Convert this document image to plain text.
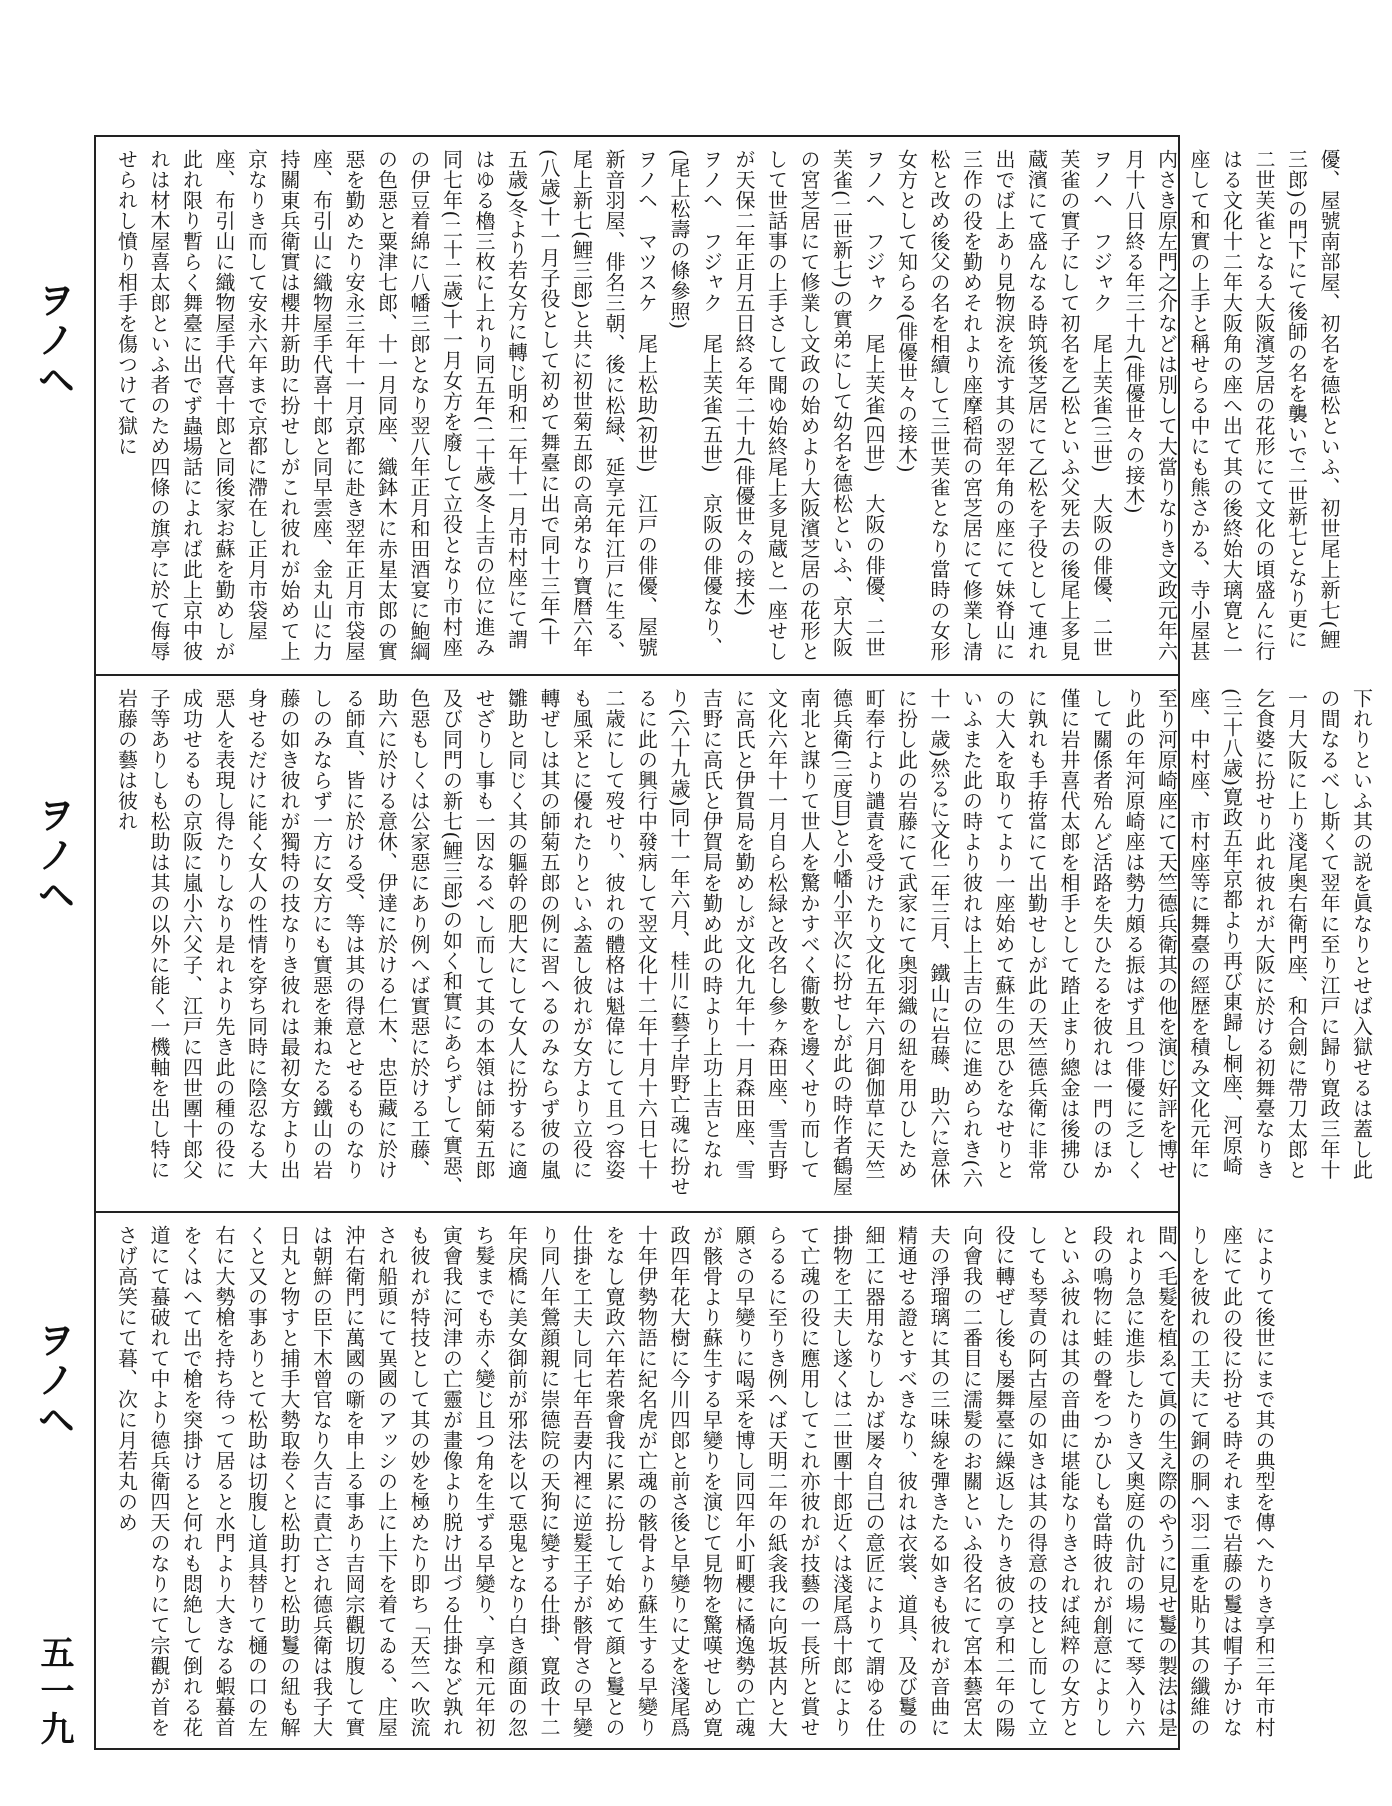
優、屋號南部屋、初名を德松といふ、初世尾上新七(鯉三郎)の門下にて後師の名を襲いで二世新七となり更に二世芙雀となる大阪濱芝居の花形にて文化の頃盛んに行はる文化十二年大阪角の座へ出て其の後終始大璃寛と一座して和實の上手と稱せらる中にも熊さかる、寺小屋甚内さき原左門之介などは別して大當りなりき文政元年六月十八日終る年三十九(俳優世々の接木)
ヲノヘ　フジャク　尾上芙雀(三世)　大阪の俳優、二世芙雀の實子にして初名を乙松といふ父死去の後尾上多見蔵濱にて盛んなる時筑後芝居にて乙松を子役として連れ出でば上あり見物淚を流す其の翌年角の座にて妹脊山に三作の役を勤めそれより座摩稻荷の宮芝居にて修業し清松と改め後父の名を相續して三世芙雀となり當時の女形女方として知らる(俳優世々の接木)
ヲノヘ　フジャク　尾上芙雀(四世)　大阪の俳優、二世芙雀(二世新七)の實弟にして幼名を德松といふ、京大阪の宮芝居にて修業し文政の始めより大阪濱芝居の花形として世話事の上手さして聞ゆ始終尾上多見蔵と一座せしが天保二年正月五日終る年二十九(俳優世々の接木)
ヲノヘ　フジャク　尾上芙雀(五世)　京阪の俳優なり、(尾上松壽の條參照)
ヲノヘ　マツスケ　尾上松助(初世)　江戸の俳優、屋號新音羽屋、俳名三朝、後に松緑、延享元年江戸に生る、尾上新七(鯉三郎)と共に初世菊五郎の高弟なり寶暦六年(八歳)十一月子役として初めて舞臺に出で同十三年(十五歳)冬より若女方に轉じ明和二年十一月市村座にて謂はゆる櫓三枚に上れり同五年(二十歳)冬上吉の位に進み同七年(二十二歳)十一月女方を廢して立役となり市村座の伊豆着綿に八幡三郎となり翌八年正月和田酒宴に鮑綱の色惡と粟津七郎、十一月同座、織鉢木に赤星太郎の實惡を勤めたり安永三年十一月京都に赴き翌年正月市袋屋座、布引山に織物屋手代喜十郎と同早雲座、金丸山に力持關東兵衛實は櫻井新助に扮せしがこれ彼れが始めて上京なりき而して安永六年まで京都に滯在し正月市袋屋座、布引山に織物屋手代喜十郎と同後家お蘇を勤めしが此れ限り暫らく舞臺に出でず蟲場話によれば此上京中彼れは材木屋喜太郎といふ者のため四條の旗亭に於て侮辱せられし憤り相手を傷つけて獄に
下れりといふ其の説を眞なりとせば入獄せるは蓋し此の間なるべし斯くて翌年に至り江戸に歸り寛政三年十一月大阪に上り淺尾奥右衛門座、和合劍に帶刀太郎と乞食婆に扮せり此れ彼れが大阪に於ける初舞臺なりき(三十八歳)寛政五年京都より再び東歸し桐座、河原崎座、中村座、市村座等に舞臺の經歴を積み文化元年に至り河原崎座にて天竺德兵衛其の他を演じ好評を博せり此の年河原崎座は勢力頗る振はず且つ俳優に乏しくして關係者殆んど活路を失ひたるを彼れは一門のほか僅に岩井喜代太郎を相手として踏止まり總金は後拂ひに孰れも手拵當にて出勤せしが此の天竺德兵衛に非常の大入を取りてより一座始めて蘇生の思ひをなせりといふまた此の時より彼れは上上吉の位に進められき(六十一歳)然るに文化二年三月、鐵山に岩藤、助六に意休に扮し此の岩藤にて武家にて奥羽織の紐を用ひしため町奉行より譴責を受けたり文化五年六月御伽草に天竺德兵衛(三度目)と小幡小平次に扮せしが此の時作者鶴屋南北と謀りて世人を驚かすべく衞數を邊くせり而して文化六年十一月自ら松緑と改名し參ヶ森田座、雪吉野に高氏と伊賀局を勤めしが文化九年十一月森田座、雪吉野に高氏と伊賀局を勤め此の時より上功上吉となれり(六十九歳)同十一年六月、桂川に藝子岸野亡魂に扮せるに此の興行中發病して翌文化十二年十月十六日七十二歳にして歿せり、彼れの體格は魁偉にして且つ容姿も風采とに優れたりといふ蓋し彼れが女方より立役に轉ぜしは其の師菊五郎の例に習へるのみならず彼の嵐雛助と同じく其の軀幹の肥大にして女人に扮するに適せざりし事も一因なるべし而して其の本領は師菊五郎及び同門の新七(鯉三郎)の如く和實にあらずして實惡、色惡もしくは公家惡にあり例へば實惡に於ける工藤、助六に於ける意休、伊達に於ける仁木、忠臣藏に於ける師直、皆に於ける受、等は其の得意とせるものなりしのみならず一方に女方にも實惡を兼ねたる鐵山の岩藤の如き彼れが獨特の技なりき彼れは最初女方より出身せるだけに能く女人の性情を穿ち同時に陰忍なる大惡人を表現し得たりしなり是れより先き此の種の役に成功せるもの京阪に嵐小六父子、江戸に四世團十郎父子等ありしも松助は其の以外に能く一機軸を出し特に岩藤の藝は彼れ
によりて後世にまで其の典型を傳へたりき享和三年市村座にて此の役に扮せる時それまで岩藤の鬘は帽子かけなりしを彼れの工夫にて銅の胴へ羽二重を貼り其の纖維の間へ毛髮を植ゑて眞の生え際のやうに見せ鬘の製法は是れより急に進歩したりき又奧庭の仇討の場にて琴入り六段の鳴物に蛙の聲をつかひしも當時彼れが創意によりしといふ彼れは其の音曲に堪能なりきされば純粹の女方としても琴責の阿古屋の如きは其の得意の技とし而して立役に轉ぜし後も屡舞臺に繰返したりき彼の享和二年の陽向會我の二番目に濡髮のお關といふ役名にて宮本藝宮太夫の淨瑠璃に其の三味線を彈きたる如きも彼れが音曲に精通せる證とすべきなり、彼れは衣裳、道具、及び鬘の細工に器用なりしかば屡々自己の意匠によりて謂ゆる仕掛物を工夫し遂くは二世團十郎近くは淺尾爲十郎によりて亡魂の役に應用してこれ亦彼れが技藝の一長所と賞せらるるに至りき例へば天明二年の紙衾我に向坂甚内と大願さの早變りに喝采を博し同四年小町櫻に橘逸勢の亡魂が骸骨より蘇生する早變りを演じて見物を驚嘆せしめ寛政四年花大樹に今川四郎と前さ後と早變りに丈を淺尾爲十年伊勢物語に紀名虎が亡魂の骸骨より蘇生する早變りをなし寛政六年若衆會我に累に扮して始めて顔と鬘との仕掛を工夫し同七年吾妻内裡に逆髮王子が骸骨さの早變り同八年鶯顔親に崇德院の天狗に變する仕掛、寛政十二年戻橋に美女御前が邪法を以て惡鬼となり白き顔面の忽ち髮までも赤く變じ且つ角を生ずる早變り、享和元年初寅會我に河津の亡靈が畫像より脱け出づる仕掛など孰れも彼れが特技として其の妙を極めたり即ち「天竺へ吹流され船頭にて異國のアッシの上に上下を着てゐる、庄屋沖右衛門に萬國の噺を申上る事あり吉岡宗觀切腹して實は朝鮮の臣下木曾官なり久吉に責亡され德兵衛は我子大日丸と物すと捕手大勢取卷くと松助打と松助鬘の紐も解くと又の事ありとて松助は切腹し道具替りて樋の口の左右に大勢槍を持ち待って居ると水門より大きなる蝦蟇首をくはへて出で槍を突掛けると何れも悶絶して倒れる花道にて蟇破れて中より德兵衛四天のなりにて宗觀が首をさげ高笑にて暮、次に月若丸のめ
ヲノヘ
ヲノヘ
ヲノヘ
五一九
